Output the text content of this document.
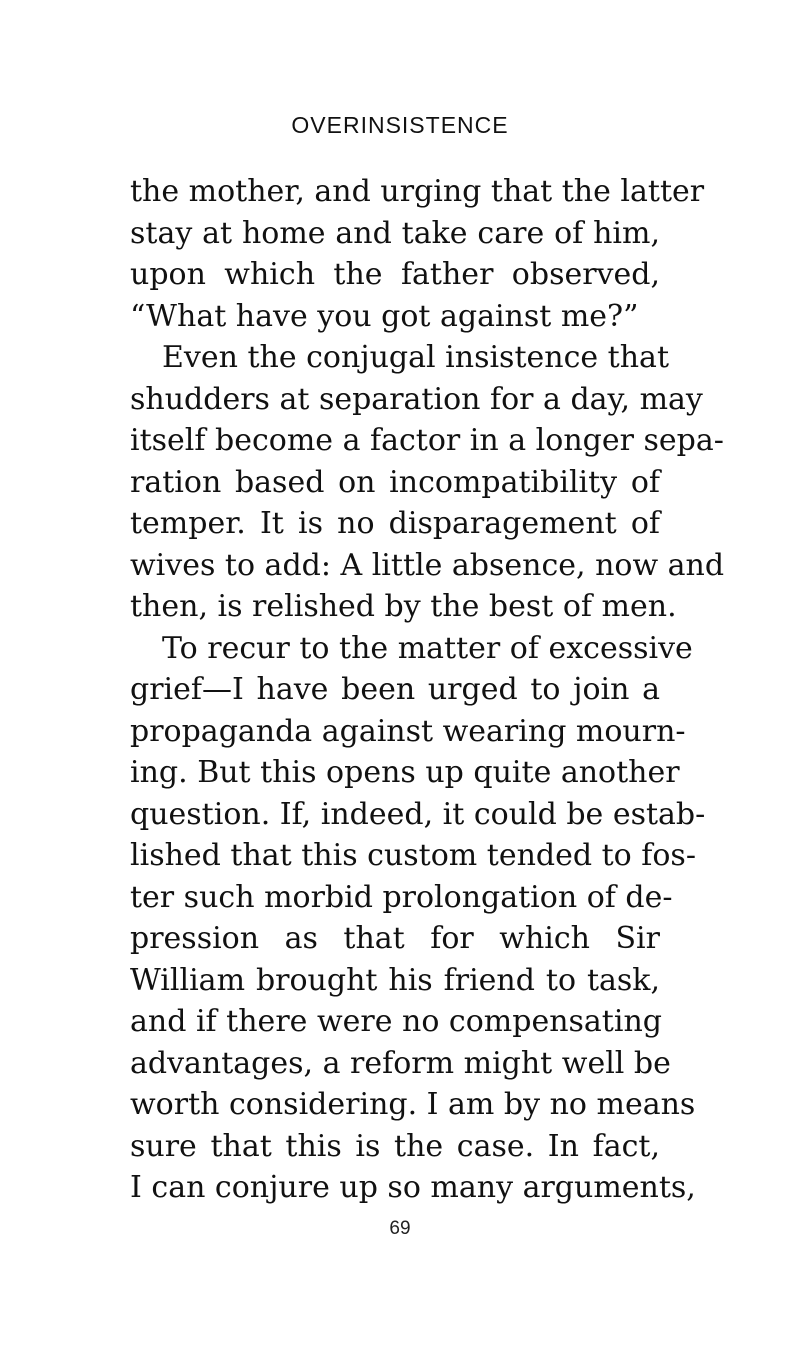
OVERINSISTENCE
the mother, and urging that the latter
stay at home and take care of him,
upon which the father observed,
“What have you got against me?”
Even the conjugal insistence that
shudders at separation for a day, may
itself become a factor in a longer sepa-
ration based on incompatibility of
temper. It is no disparagement of
wives to add: A little absence, now and
then, is relished by the best of men.
To recur to the matter of excessive
grief—I have been urged to join a
propaganda against wearing mourn-
ing. But this opens up quite another
question. If, indeed, it could be estab-
lished that this custom tended to fos-
ter such morbid prolongation of de-
pression as that for which Sir
William brought his friend to task,
and if there were no compensating
advantages, a reform might well be
worth considering. I am by no means
sure that this is the case. In fact,
I can conjure up so many arguments,
69
